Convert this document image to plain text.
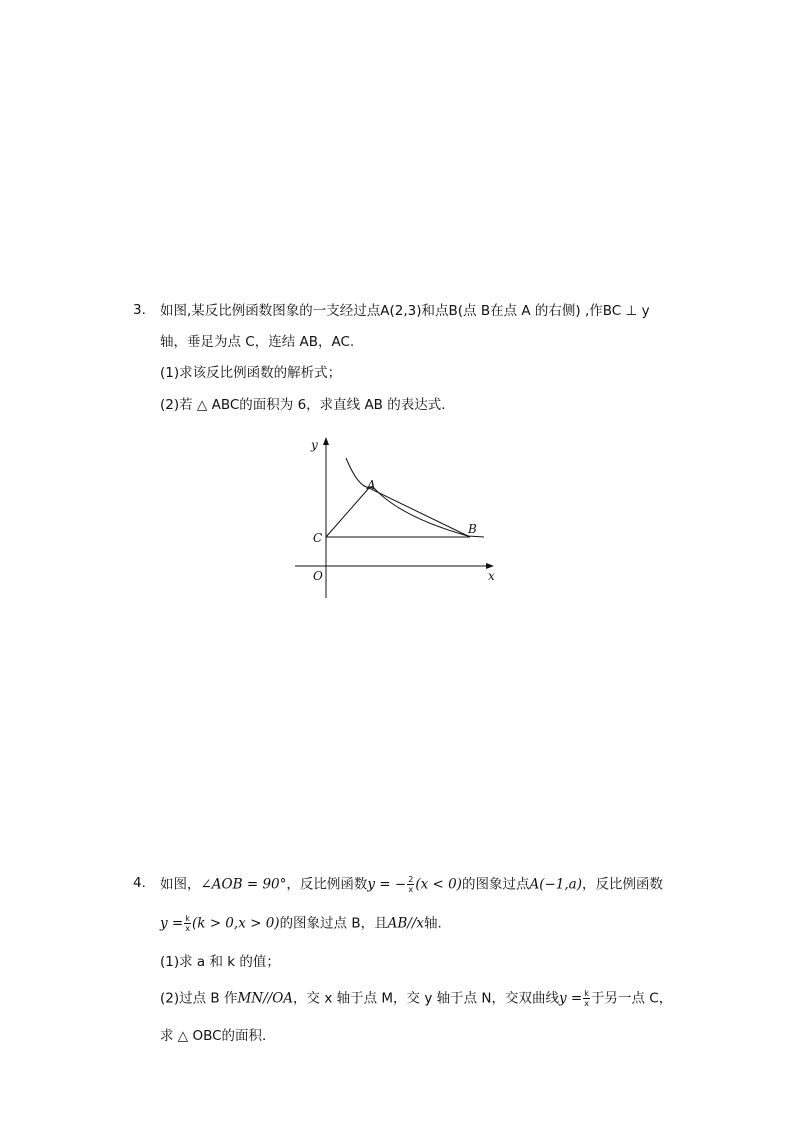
3. 如图,某反比例函数图象的一支经过点A(2,3)和点B(点 B在点 A 的右侧) ,作BC ⊥ y
轴，垂足为点 C，连结 AB，AC.
(1)求该反比例函数的解析式；
(2)若 △ ABC的面积为 6，求直线 AB 的表达式.
y
x
O
A
B
C
4. 如图，∠AOB = 90°，反比例函数y = − $\frac{2}{x} (x < 0)$的图象过点A(−1,a)，反比例函数
$y = \frac{k}{x} (k > 0,x > 0)$的图象过点 B，且AB//x轴.
(1)求 a 和 k 的值；
(2)过点 B 作MN//OA，交 x 轴于点 M，交 y 轴于点 N，交双曲线$y = \frac{k}{x}$ 于另一点 C，
求 △ OBC的面积.
